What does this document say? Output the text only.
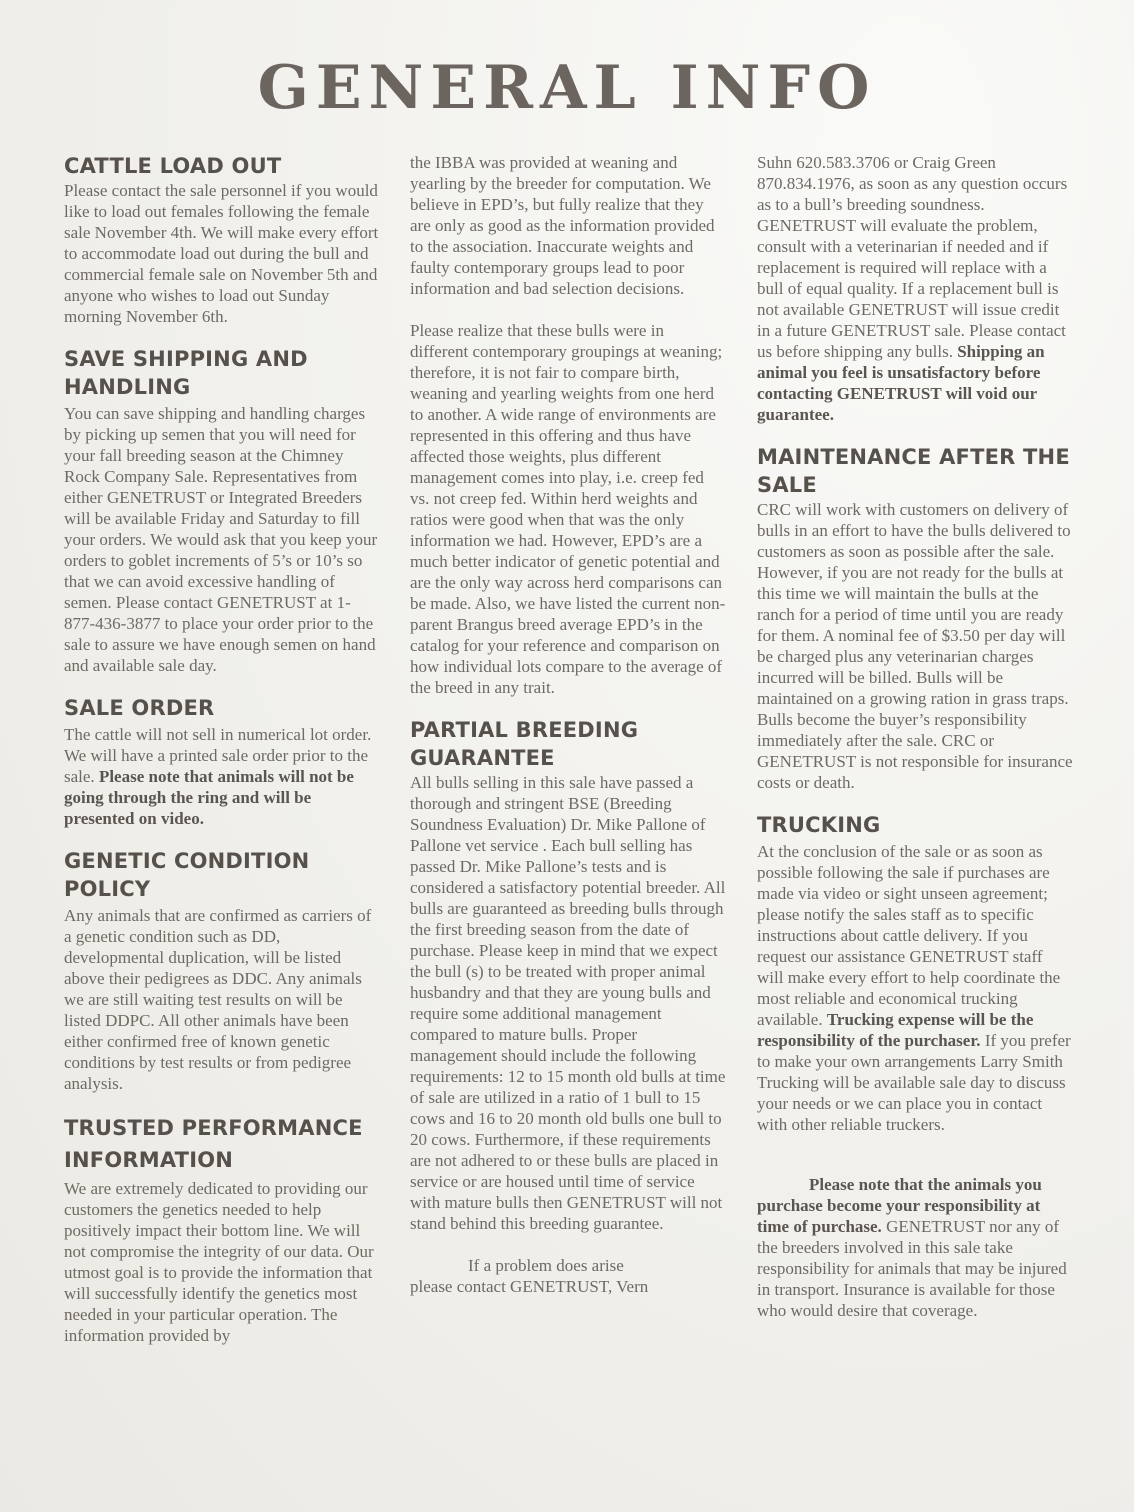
GENERAL INFO
CATTLE LOAD OUT

Please contact the sale personnel if you would like to load out females following the female sale November 4th. We will make every effort to accommodate load out during the bull and commercial female sale on November 5th and anyone who wishes to load out Sunday morning November 6th.

SAVE SHIPPING AND HANDLING

You can save shipping and handling charges by picking up semen that you will need for your fall breeding season at the Chimney Rock Company Sale. Representatives from either GENETRUST or Integrated Breeders will be available Friday and Saturday to fill your orders. We would ask that you keep your orders to goblet increments of 5’s or 10’s so that we can avoid excessive handling of semen. Please contact GENETRUST at 1-877-436-3877 to place your order prior to the sale to assure we have enough semen on hand and available sale day.

SALE ORDER

The cattle will not sell in numerical lot order. We will have a printed sale order prior to the sale. Please note that animals will not be going through the ring and will be presented on video.

GENETIC CONDITION POLICY

Any animals that are confirmed as carriers of a genetic condition such as DD, developmental duplication, will be listed above their pedigrees as DDC. Any animals we are still waiting test results on will be listed DDPC. All other animals have been either confirmed free of known genetic conditions by test results or from pedigree analysis.

TRUSTED PERFORMANCE INFORMATION

We are extremely dedicated to providing our customers the genetics needed to help positively impact their bottom line. We will not compromise the integrity of our data. Our utmost goal is to provide the information that will successfully identify the genetics most needed in your particular operation. The information provided by

the IBBA was provided at weaning and yearling by the breeder for computation. We believe in EPD’s, but fully realize that they are only as good as the information provided to the association. Inaccurate weights and faulty contemporary groups lead to poor information and bad selection decisions.

Please realize that these bulls were in different contemporary groupings at weaning; therefore, it is not fair to compare birth, weaning and yearling weights from one herd to another. A wide range of environments are represented in this offering and thus have affected those weights, plus different management comes into play, i.e. creep fed vs. not creep fed. Within herd weights and ratios were good when that was the only information we had. However, EPD’s are a much better indicator of genetic potential and are the only way across herd comparisons can be made. Also, we have listed the current non-parent Brangus breed average EPD’s in the catalog for your reference and comparison on how individual lots compare to the average of the breed in any trait.

PARTIAL BREEDING GUARANTEE

All bulls selling in this sale have passed a thorough and stringent BSE (Breeding Soundness Evaluation) Dr. Mike Pallone of Pallone vet service . Each bull selling has passed Dr. Mike Pallone’s tests and is considered a satisfactory potential breeder. All bulls are guaranteed as breeding bulls through the first breeding season from the date of purchase. Please keep in mind that we expect the bull (s) to be treated with proper animal husbandry and that they are young bulls and require some additional management compared to mature bulls. Proper management should include the following requirements: 12 to 15 month old bulls at time of sale are utilized in a ratio of 1 bull to 15 cows and 16 to 20 month old bulls one bull to 20 cows. Furthermore, if these requirements are not adhered to or these bulls are placed in service or are housed until time of service with mature bulls then GENETRUST will not stand behind this breeding guarantee.

If a problem does arise

please contact GENETRUST, Vern

Suhn 620.583.3706 or Craig Green 870.834.1976, as soon as any question occurs as to a bull’s breeding soundness. GENETRUST will evaluate the problem, consult with a veterinarian if needed and if replacement is required will replace with a bull of equal quality. If a replacement bull is not available GENETRUST will issue credit in a future GENETRUST sale. Please contact us before shipping any bulls. Shipping an animal you feel is unsatisfactory before contacting GENETRUST will void our guarantee.

MAINTENANCE AFTER THE SALE

CRC will work with customers on delivery of bulls in an effort to have the bulls delivered to customers as soon as possible after the sale. However, if you are not ready for the bulls at this time we will maintain the bulls at the ranch for a period of time until you are ready for them. A nominal fee of $3.50 per day will be charged plus any veterinarian charges incurred will be billed. Bulls will be maintained on a growing ration in grass traps. Bulls become the buyer’s responsibility immediately after the sale. CRC or GENETRUST is not responsible for insurance costs or death.

TRUCKING

At the conclusion of the sale or as soon as possible following the sale if purchases are made via video or sight unseen agreement; please notify the sales staff as to specific instructions about cattle delivery. If you request our assistance GENETRUST staff will make every effort to help coordinate the most reliable and economical trucking available. Trucking expense will be the responsibility of the purchaser. If you prefer to make your own arrangements Larry Smith Trucking will be available sale day to discuss your needs or we can place you in contact with other reliable truckers.

Please note that the animals you purchase become your responsibility at time of purchase. GENETRUST nor any of the breeders involved in this sale take responsibility for animals that may be injured in transport. Insurance is available for those who would desire that coverage.
